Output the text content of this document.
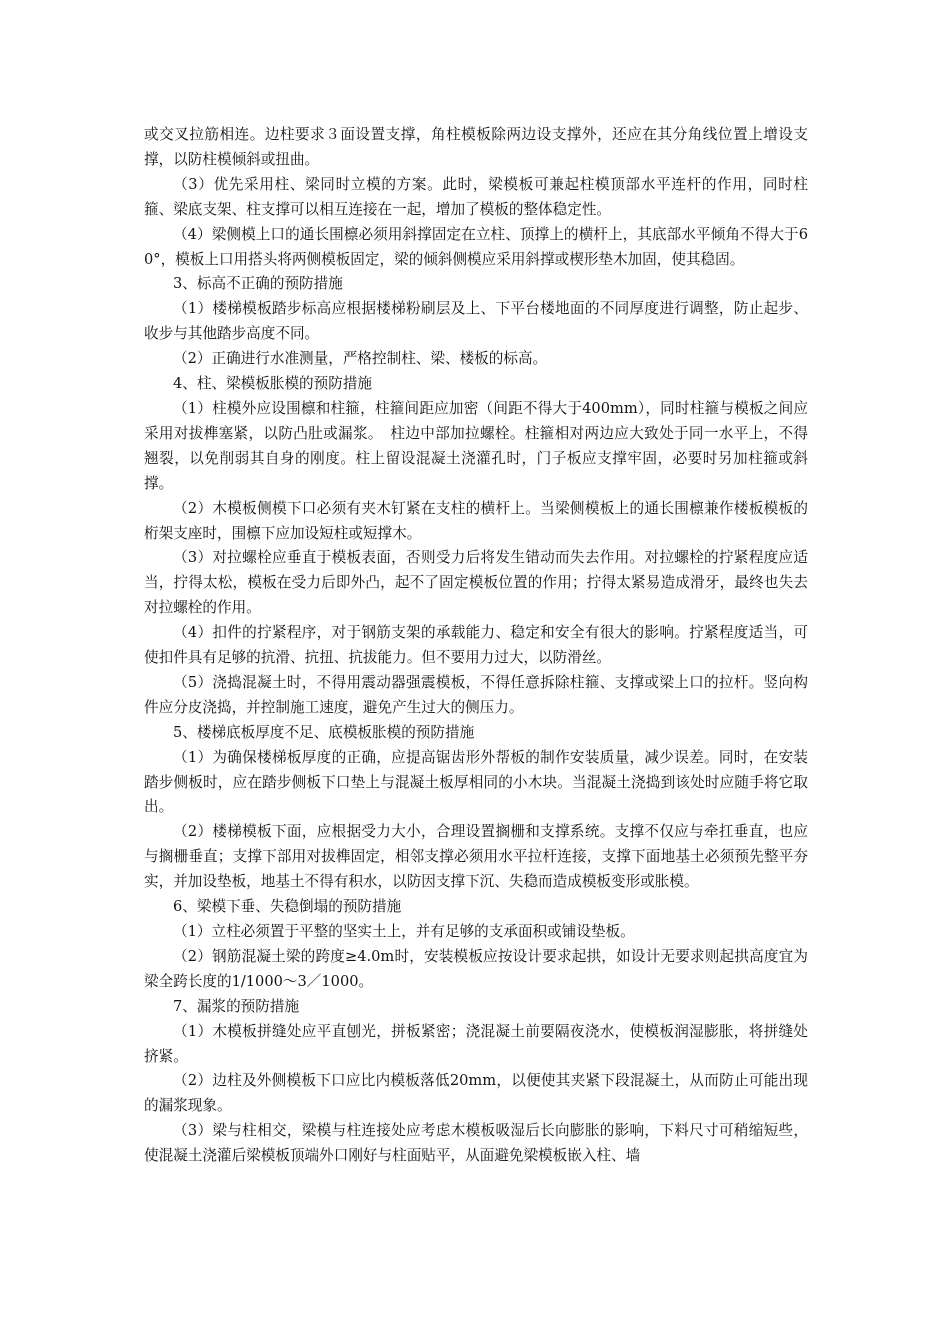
或交叉拉筋相连。边柱要求３面设置支撑，角柱模板除两边设支撑外，还应在其分角线位置上增设支撑，以防柱模倾斜或扭曲。

（3）优先采用柱、梁同时立模的方案。此时，梁模板可兼起柱模顶部水平连杆的作用，同时柱箍、梁底支架、柱支撑可以相互连接在一起，增加了模板的整体稳定性。

（4）梁侧模上口的通长围檩必须用斜撑固定在立柱、顶撑上的横杆上，其底部水平倾角不得大于60°，模板上口用搭头将两侧模板固定，梁的倾斜侧模应采用斜撑或楔形垫木加固，使其稳固。

3、标高不正确的预防措施

（1）楼梯模板踏步标高应根据楼梯粉刷层及上、下平台楼地面的不同厚度进行调整，防止起步、收步与其他踏步高度不同。

（2）正确进行水准测量，严格控制柱、梁、楼板的标高。

4、柱、梁模板胀模的预防措施

（1）柱模外应设围檩和柱箍，柱箍间距应加密（间距不得大于400mm），同时柱箍与模板之间应采用对拔榫塞紧，以防凸肚或漏浆。　柱边中部加拉螺栓。柱箍相对两边应大致处于同一水平上，不得翘裂，以免削弱其自身的刚度。柱上留设混凝土浇灌孔时，门子板应支撑牢固，必要时另加柱箍或斜撑。

（2）木模板侧模下口必须有夹木钉紧在支柱的横杆上。当梁侧模板上的通长围檩兼作楼板模板的桁架支座时，围檩下应加设短柱或短撑木。

（3）对拉螺栓应垂直于模板表面，否则受力后将发生错动而失去作用。对拉螺栓的拧紧程度应适当，拧得太松，模板在受力后即外凸，起不了固定模板位置的作用；拧得太紧易造成滑牙，最终也失去对拉螺栓的作用。

（4）扣件的拧紧程序，对于钢筋支架的承载能力、稳定和安全有很大的影响。拧紧程度适当，可使扣件具有足够的抗滑、抗扭、抗拔能力。但不要用力过大，以防滑丝。

（5）浇捣混凝土时，不得用震动器强震模板，不得任意拆除柱箍、支撑或梁上口的拉杆。竖向构件应分皮浇捣，并控制施工速度，避免产生过大的侧压力。

5、楼梯底板厚度不足、底模板胀模的预防措施

（1）为确保楼梯板厚度的正确，应提高锯齿形外帮板的制作安装质量，减少误差。同时，在安装踏步侧板时，应在踏步侧板下口垫上与混凝土板厚相同的小木块。当混凝土浇捣到该处时应随手将它取出。

（2）楼梯模板下面，应根据受力大小，合理设置搁栅和支撑系统。支撑不仅应与牵扛垂直，也应与搁栅垂直；支撑下部用对拔榫固定，相邻支撑必须用水平拉杆连接，支撑下面地基土必须预先整平夯实，并加设垫板，地基土不得有积水，以防因支撑下沉、失稳而造成模板变形或胀模。

6、梁模下垂、失稳倒塌的预防措施

（1）立柱必须置于平整的坚实土上，并有足够的支承面积或铺设垫板。

（2）钢筋混凝土梁的跨度≥4.0m时，安装模板应按设计要求起拱，如设计无要求则起拱高度宜为梁全跨长度的1/1000～3／1000。

7、漏浆的预防措施

（1）木模板拼缝处应平直刨光，拼板紧密；浇混凝土前要隔夜浇水，使模板润湿膨胀，将拼缝处挤紧。

（2）边柱及外侧模板下口应比内模板落低20mm，以便使其夹紧下段混凝土，从而防止可能出现的漏浆现象。

（3）梁与柱相交，梁模与柱连接处应考虑木模板吸湿后长向膨胀的影响，下料尺寸可稍缩短些，使混凝土浇灌后梁模板顶端外口刚好与柱面贴平，从面避免梁模板嵌入柱、墙
